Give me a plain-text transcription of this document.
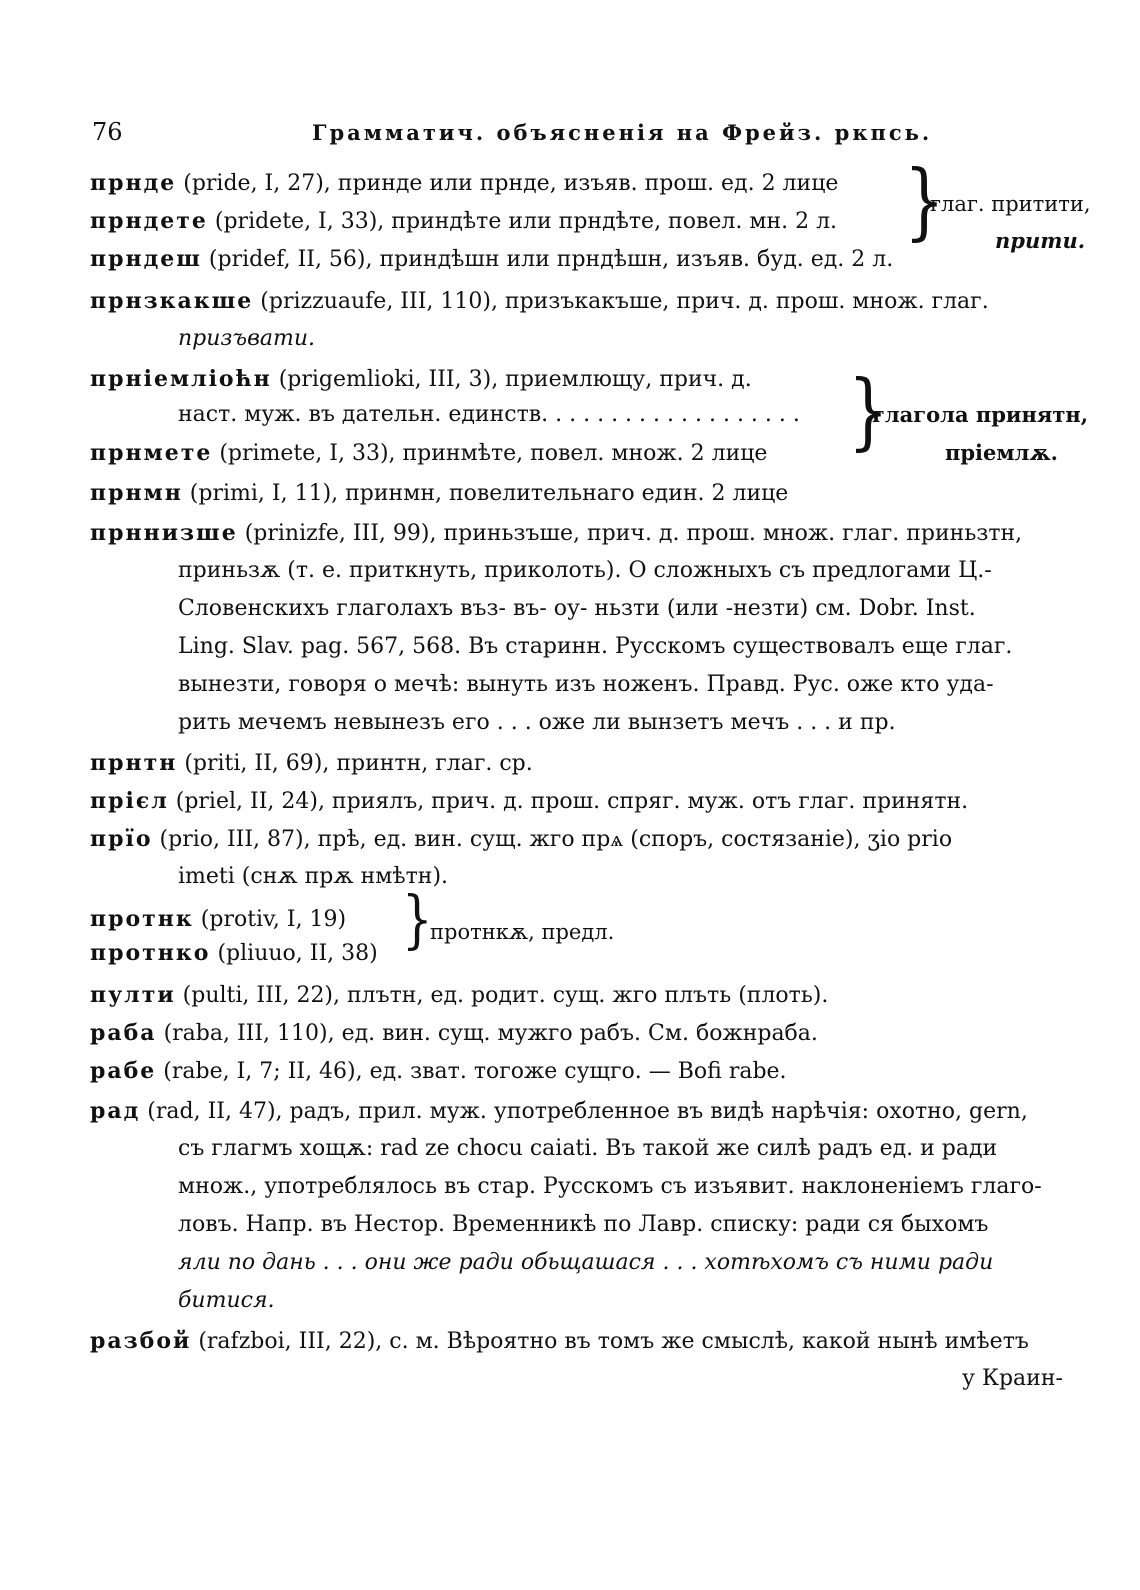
76	Грамматич. объясненія на Фрейз. ркпсь.
прнде (pride, I, 27), принде или прнде, изъяв. прош. ед. 2 лице
прндете (pridete, I, 33), приндѣте или прндѣте, повел. мн. 2 л.
прндеш (pridef, II, 56), приндѣшн или прндѣшн, изъяв. буд. ед. 2 л.
прнзкакше (prizzuaufe, III, 110), призъкакъше, прич. д. прош. множ. глаг.
призъвати.
прніемліоћн (prigemlioki, III, 3), приемлющу, прич. д.
наст. муж. въ дательн. единств. . . . . . . . . . . . . . . . . . .
прнмете (primete, I, 33), принмѣте, повел. множ. 2 лице
прнмн (primi, I, 11), принмн, повелительнаго един. 2 лице
прннизше (prinizfe, III, 99), приньзъше, прич. д. прош. множ. глаг. приньзтн,
приньзѫ (т. е. приткнуть, приколоть). О сложныхъ съ предлогами Ц.-
Словенскихъ глаголахъ въз- въ- оу- ньзти (или -незти) см. Dobr. Inst.
Ling. Slav. pag. 567, 568. Въ старинн. Русскомъ существовалъ еще глаг.
вынезти, говоря о мечѣ: вынуть изъ ноженъ. Правд. Рус. оже кто уда-
рить мечемъ невынезъ его . . . оже ли вынзетъ мечъ . . . и пр.
прнтн (priti, II, 69), принтн, глаг. ср.
прієл (priel, II, 24), приялъ, прич. д. прош. спряг. муж. отъ глаг. принятн.
прїо (prio, III, 87), прѣ, ед. вин. сущ. жго прѧ (споръ, состязаніе), ʒio prio
imeti (снѫ прѫ нмѣтн).
протнк (protiv, I, 19)
протнко (pliuuo, II, 38)
пулти (pulti, III, 22), плътн, ед. родит. сущ. жго плъть (плоть).
раба (raba, III, 110), ед. вин. сущ. мужго рабъ. См. божнраба.
рабе (rabe, I, 7; II, 46), ед. зват. тогоже сущго. — Bofi rabe.
рад (rad, II, 47), радъ, прил. муж. употребленное въ видѣ нарѣчія: охотно, gern,
съ глагмъ хощѫ: rad ze chocu caiati. Въ такой же силѣ радъ ед. и ради
множ., употреблялось въ стар. Русскомъ съ изъявит. наклоненіемъ глаго-
ловъ. Напр. въ Нестор. Временникѣ по Лавр. списку: ради ся быхомъ
яли по дань . . . они же ради обьщашася . . . хотѣхомъ съ ними ради
битися.
разбой (rafzboi, III, 22), с. м. Вѣроятно въ томъ же смыслѣ, какой нынѣ имѣетъ
у Краин-
}
глаг. притити,
прити.
}
глагола принятн,
пріемлѫ.
}
протнкѫ, предл.
